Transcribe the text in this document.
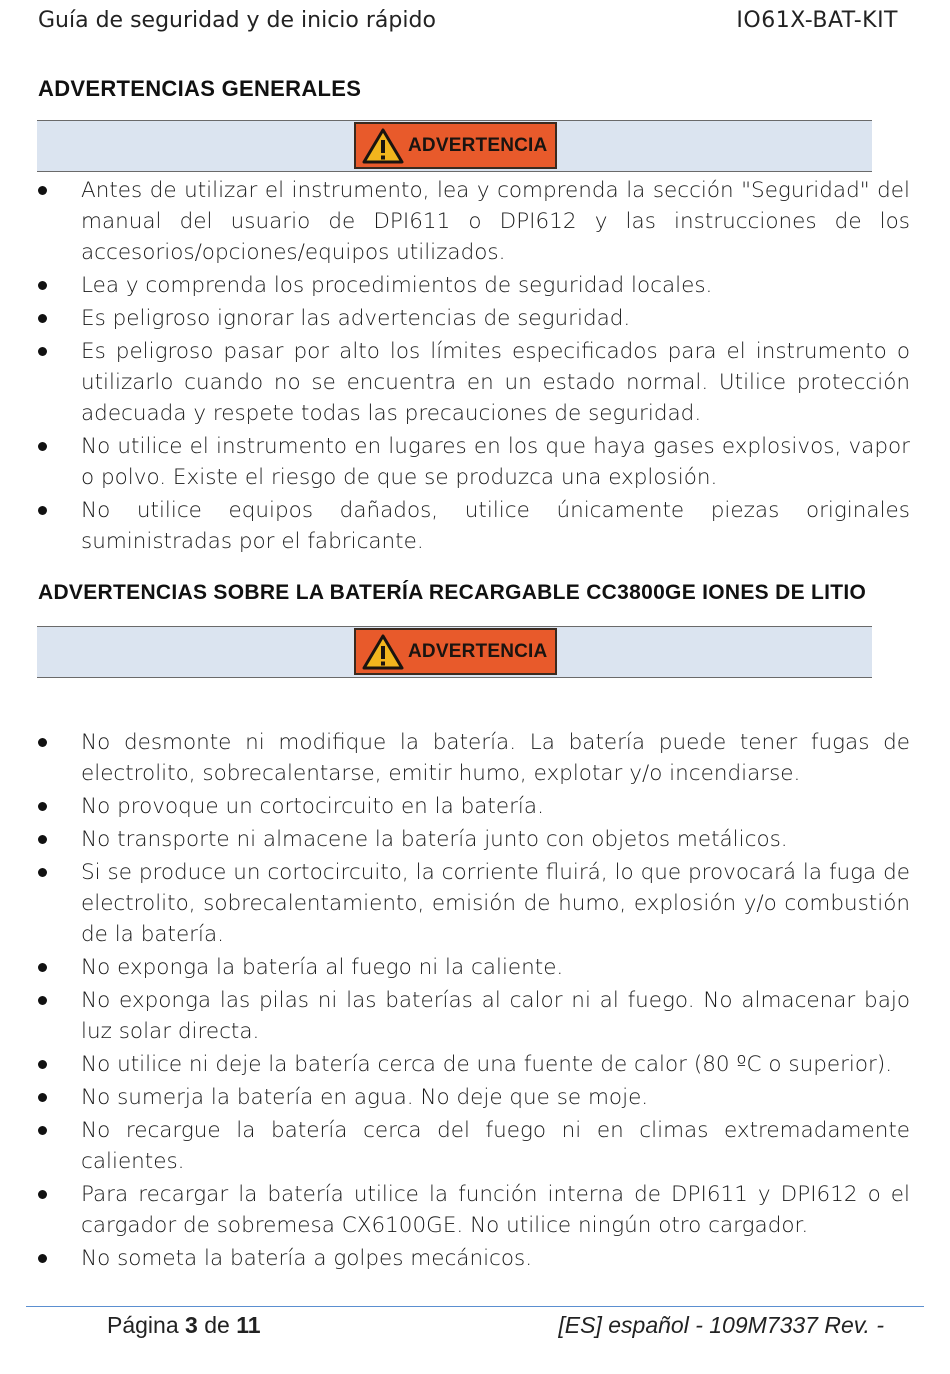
Guía de seguridad y de inicio rápido	IO61X-BAT-KIT
ADVERTENCIAS GENERALES
ADVERTENCIA
Antes de utilizar el instrumento, lea y comprenda la sección "Seguridad" del manual del usuario de DPI611 o DPI612 y las instrucciones de los accesorios/opciones/equipos utilizados.
Lea y comprenda los procedimientos de seguridad locales.
Es peligroso ignorar las advertencias de seguridad.
Es peligroso pasar por alto los límites especificados para el instrumento o utilizarlo cuando no se encuentra en un estado normal. Utilice protección adecuada y respete todas las precauciones de seguridad.
No utilice el instrumento en lugares en los que haya gases explosivos, vapor o polvo. Existe el riesgo de que se produzca una explosión.
No utilice equipos dañados, utilice únicamente piezas originales suministradas por el fabricante.
ADVERTENCIAS SOBRE LA BATERÍA RECARGABLE CC3800GE IONES DE LITIO
ADVERTENCIA
No desmonte ni modifique la batería. La batería puede tener fugas de electrolito, sobrecalentarse, emitir humo, explotar y/o incendiarse.
No provoque un cortocircuito en la batería.
No transporte ni almacene la batería junto con objetos metálicos.
Si se produce un cortocircuito, la corriente fluirá, lo que provocará la fuga de electrolito, sobrecalentamiento, emisión de humo, explosión y/o combustión de la batería.
No exponga la batería al fuego ni la caliente.
No exponga las pilas ni las baterías al calor ni al fuego. No almacenar bajo luz solar directa.
No utilice ni deje la batería cerca de una fuente de calor (80 ºC o superior).
No sumerja la batería en agua. No deje que se moje.
No recargue la batería cerca del fuego ni en climas extremadamente calientes.
Para recargar la batería utilice la función interna de DPI611 y DPI612 o el cargador de sobremesa CX6100GE. No utilice ningún otro cargador.
No someta la batería a golpes mecánicos.
Página 3 de 11	[ES] español - 109M7337 Rev. -
